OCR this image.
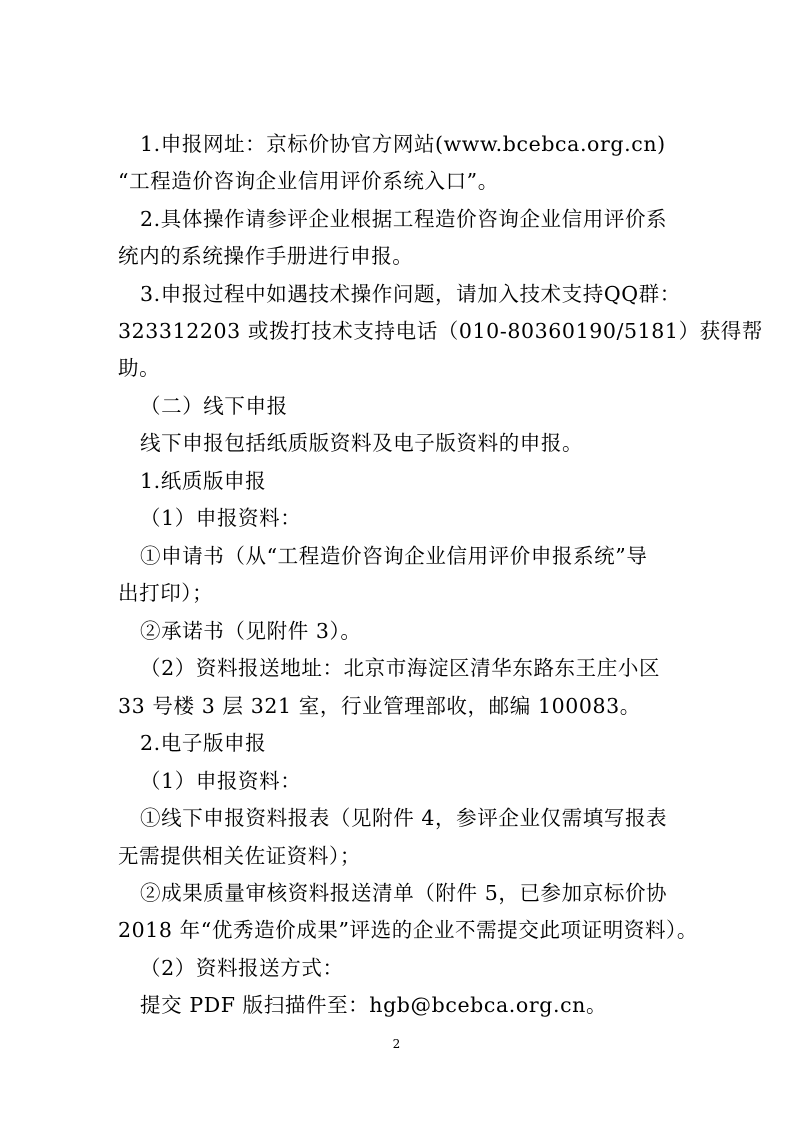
1.申报网址：京标价协官方网站(www.bcebca.org.cn)
“工程造价咨询企业信用评价系统入口”。
2.具体操作请参评企业根据工程造价咨询企业信用评价系
统内的系统操作手册进行申报。
3.申报过程中如遇技术操作问题，请加入技术支持QQ群：
323312203 或拨打技术支持电话（010-80360190/5181）获得帮
助。
（二）线下申报
线下申报包括纸质版资料及电子版资料的申报。
1.纸质版申报
（1）申报资料：
①申请书（从“工程造价咨询企业信用评价申报系统”导
出打印）；
②承诺书（见附件 3）。
（2）资料报送地址：北京市海淀区清华东路东王庄小区
33 号楼 3 层 321 室，行业管理部收，邮编 100083。
2.电子版申报
（1）申报资料：
①线下申报资料报表（见附件 4，参评企业仅需填写报表
无需提供相关佐证资料）；
②成果质量审核资料报送清单（附件 5，已参加京标价协
2018 年“优秀造价成果”评选的企业不需提交此项证明资料）。
（2）资料报送方式：
提交 PDF 版扫描件至：hgb@bcebca.org.cn。
2
